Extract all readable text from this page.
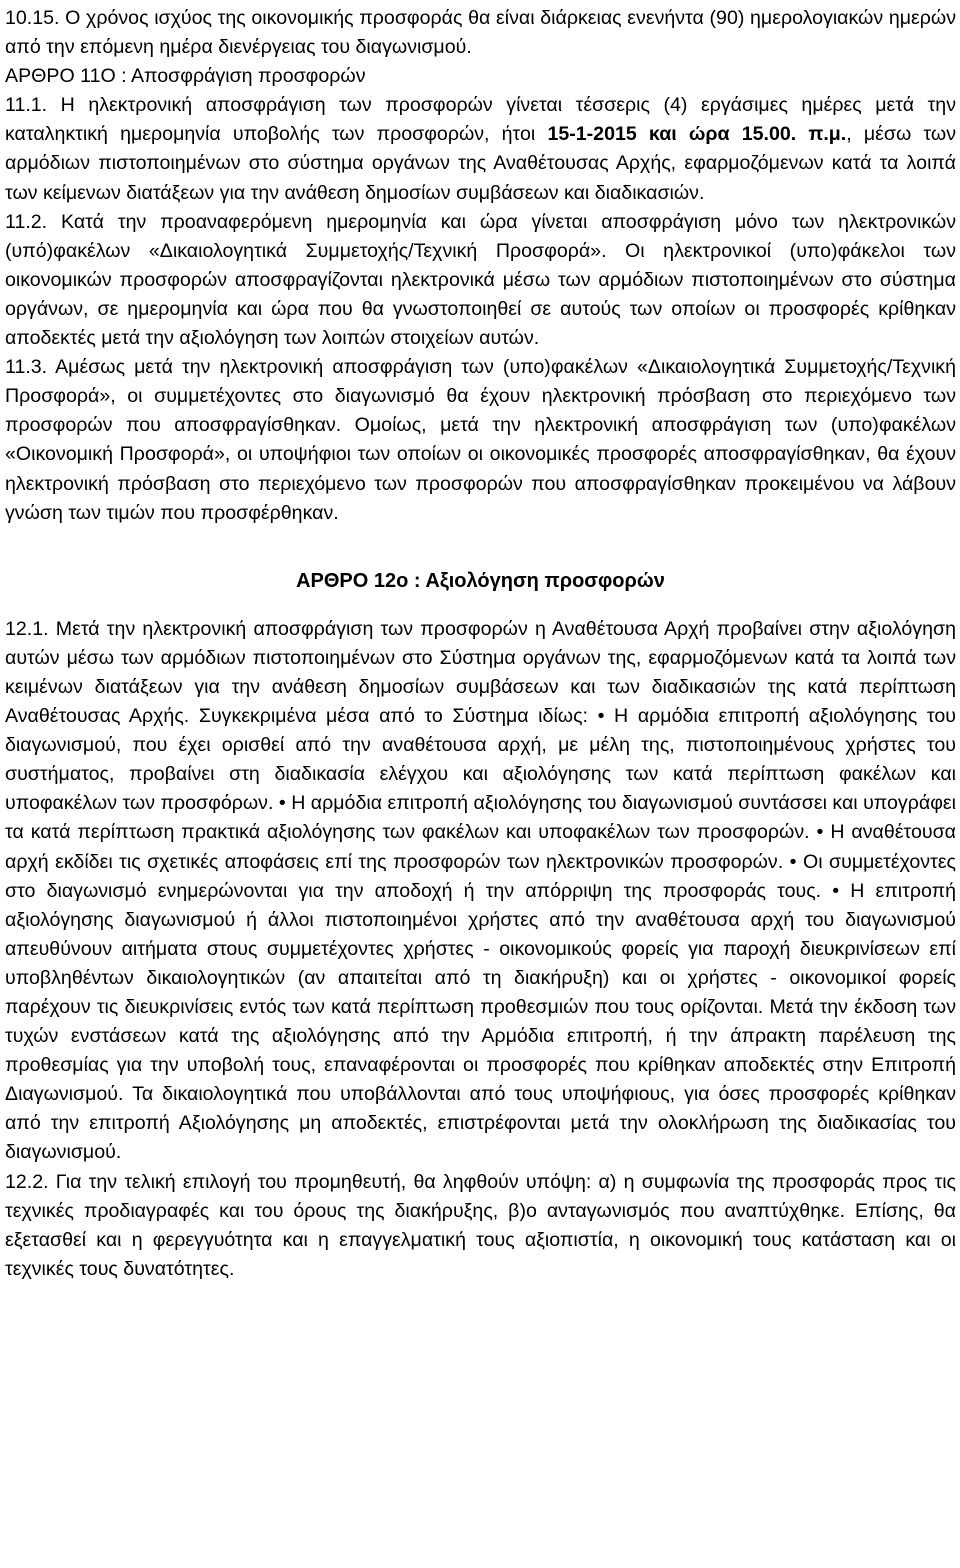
10.15. Ο χρόνος ισχύος της οικονομικής προσφοράς θα είναι διάρκειας ενενήντα (90) ημερολογιακών ημερών από την επόμενη ημέρα διενέργειας του διαγωνισμού.

ΑΡΘΡΟ 11Ο : Αποσφράγιση προσφορών

11.1. Η ηλεκτρονική αποσφράγιση των προσφορών γίνεται τέσσερις (4) εργάσιμες ημέρες μετά την καταληκτική ημερομηνία υποβολής των προσφορών, ήτοι 15-1-2015 και ώρα 15.00. π.μ., μέσω των αρμόδιων πιστοποιημένων στο σύστημα οργάνων της Αναθέτουσας Αρχής, εφαρμοζόμενων κατά τα λοιπά των κείμενων διατάξεων για την ανάθεση δημοσίων συμβάσεων και διαδικασιών.

11.2. Κατά την προαναφερόμενη ημερομηνία και ώρα γίνεται αποσφράγιση μόνο των ηλεκτρονικών (υπό)φακέλων «Δικαιολογητικά Συμμετοχής/Τεχνική Προσφορά». Οι ηλεκτρονικοί (υπο)φάκελοι των οικονομικών προσφορών αποσφραγίζονται ηλεκτρονικά μέσω των αρμόδιων πιστοποιημένων στο σύστημα οργάνων, σε ημερομηνία και ώρα που θα γνωστοποιηθεί σε αυτούς των οποίων οι προσφορές κρίθηκαν αποδεκτές μετά την αξιολόγηση των λοιπών στοιχείων αυτών.

11.3. Αμέσως μετά την ηλεκτρονική αποσφράγιση των (υπο)φακέλων «Δικαιολογητικά Συμμετοχής/Τεχνική Προσφορά», οι συμμετέχοντες στο διαγωνισμό θα έχουν ηλεκτρονική πρόσβαση στο περιεχόμενο των προσφορών που αποσφραγίσθηκαν. Ομοίως, μετά την ηλεκτρονική αποσφράγιση των (υπο)φακέλων «Οικονομική Προσφορά», οι υποψήφιοι των οποίων οι οικονομικές προσφορές αποσφραγίσθηκαν, θα έχουν ηλεκτρονική πρόσβαση στο περιεχόμενο των προσφορών που αποσφραγίσθηκαν προκειμένου να λάβουν γνώση των τιμών που προσφέρθηκαν.

ΑΡΘΡΟ 12ο : Αξιολόγηση προσφορών

12.1. Μετά την ηλεκτρονική αποσφράγιση των προσφορών η Αναθέτουσα Αρχή προβαίνει στην αξιολόγηση αυτών μέσω των αρμόδιων πιστοποιημένων στο Σύστημα οργάνων της, εφαρμοζόμενων κατά τα λοιπά των κειμένων διατάξεων για την ανάθεση δημοσίων συμβάσεων και των διαδικασιών της κατά περίπτωση Αναθέτουσας Αρχής. Συγκεκριμένα μέσα από το Σύστημα ιδίως: • Η αρμόδια επιτροπή αξιολόγησης του διαγωνισμού, που έχει ορισθεί από την αναθέτουσα αρχή, με μέλη της, πιστοποιημένους χρήστες του συστήματος, προβαίνει στη διαδικασία ελέγχου και αξιολόγησης των κατά περίπτωση φακέλων και υποφακέλων των προσφόρων. • Η αρμόδια επιτροπή αξιολόγησης του διαγωνισμού συντάσσει και υπογράφει τα κατά περίπτωση πρακτικά αξιολόγησης των φακέλων και υποφακέλων των προσφορών. • Η αναθέτουσα αρχή εκδίδει τις σχετικές αποφάσεις επί της προσφορών των ηλεκτρονικών προσφορών. • Οι συμμετέχοντες στο διαγωνισμό ενημερώνονται για την αποδοχή ή την απόρριψη της προσφοράς τους. • Η επιτροπή αξιολόγησης διαγωνισμού ή άλλοι πιστοποιημένοι χρήστες από την αναθέτουσα αρχή του διαγωνισμού απευθύνουν αιτήματα στους συμμετέχοντες χρήστες - οικονομικούς φορείς για παροχή διευκρινίσεων επί υποβληθέντων δικαιολογητικών (αν απαιτείται από τη διακήρυξη) και οι χρήστες - οικονομικοί φορείς παρέχουν τις διευκρινίσεις εντός των κατά περίπτωση προθεσμιών που τους ορίζονται. Μετά την έκδοση των τυχών ενστάσεων κατά της αξιολόγησης από την Αρμόδια επιτροπή, ή την άπρακτη παρέλευση της προθεσμίας για την υποβολή τους, επαναφέρονται οι προσφορές που κρίθηκαν αποδεκτές στην Επιτροπή Διαγωνισμού. Τα δικαιολογητικά που υποβάλλονται από τους υποψήφιους, για όσες προσφορές κρίθηκαν από την επιτροπή Αξιολόγησης μη αποδεκτές, επιστρέφονται μετά την ολοκλήρωση της διαδικασίας του διαγωνισμού.

12.2. Για την τελική επιλογή του προμηθευτή, θα ληφθούν υπόψη: α) η συμφωνία της προσφοράς προς τις τεχνικές προδιαγραφές και του όρους της διακήρυξης, β)ο ανταγωνισμός που αναπτύχθηκε. Επίσης, θα εξετασθεί και η φερεγγυότητα και η επαγγελματική τους αξιοπιστία, η οικονομική τους κατάσταση και οι τεχνικές τους δυνατότητες.
